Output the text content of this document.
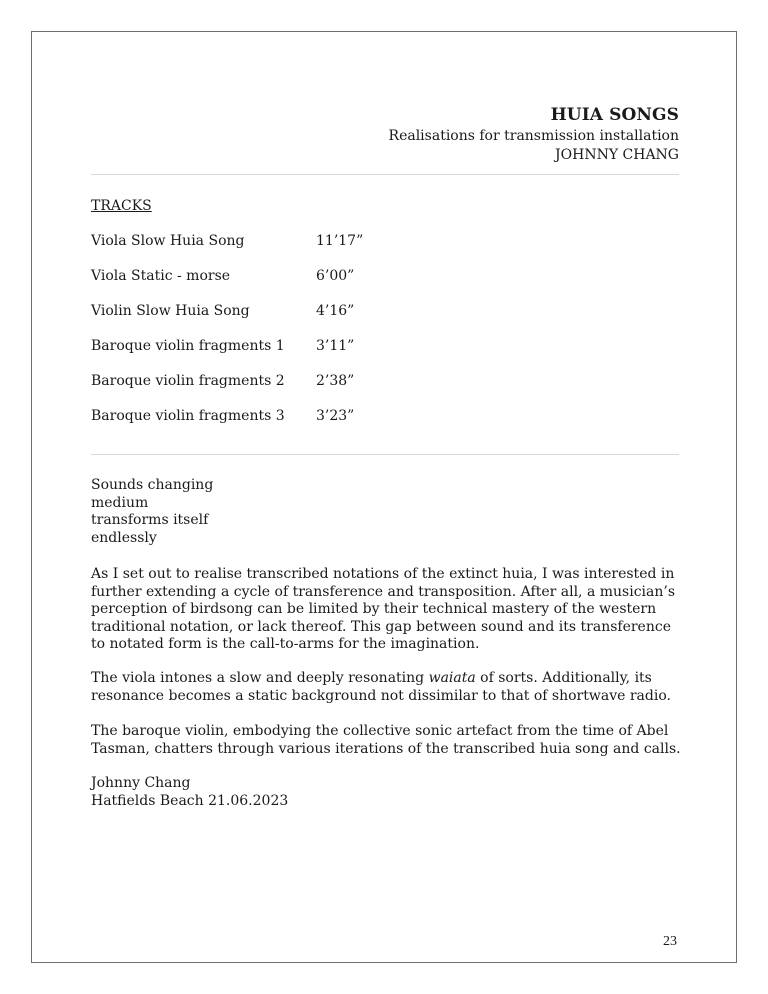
HUIA SONGS
Realisations for transmission installation
JOHNNY CHANG
TRACKS
Viola Slow Huia Song	11’17”
Viola Static - morse	6’00”
Violin Slow Huia Song	4’16”
Baroque violin fragments 1 3’11”
Baroque violin fragments 2 2’38”
Baroque violin fragments 3 3’23”
Sounds changing
medium
transforms itself
endlessly

As I set out to realise transcribed notations of the extinct huia, I was interested in further extending a cycle of transference and transposition. After all, a musician’s perception of birdsong can be limited by their technical mastery of the western traditional notation, or lack thereof. This gap between sound and its transference to notated form is the call-to-arms for the imagination.

The viola intones a slow and deeply resonating waiata of sorts. Additionally, its resonance becomes a static background not dissimilar to that of shortwave radio.

The baroque violin, embodying the collective sonic artefact from the time of Abel Tasman, chatters through various iterations of the transcribed huia song and calls.

Johnny Chang
Hatfields Beach 21.06.2023
23
